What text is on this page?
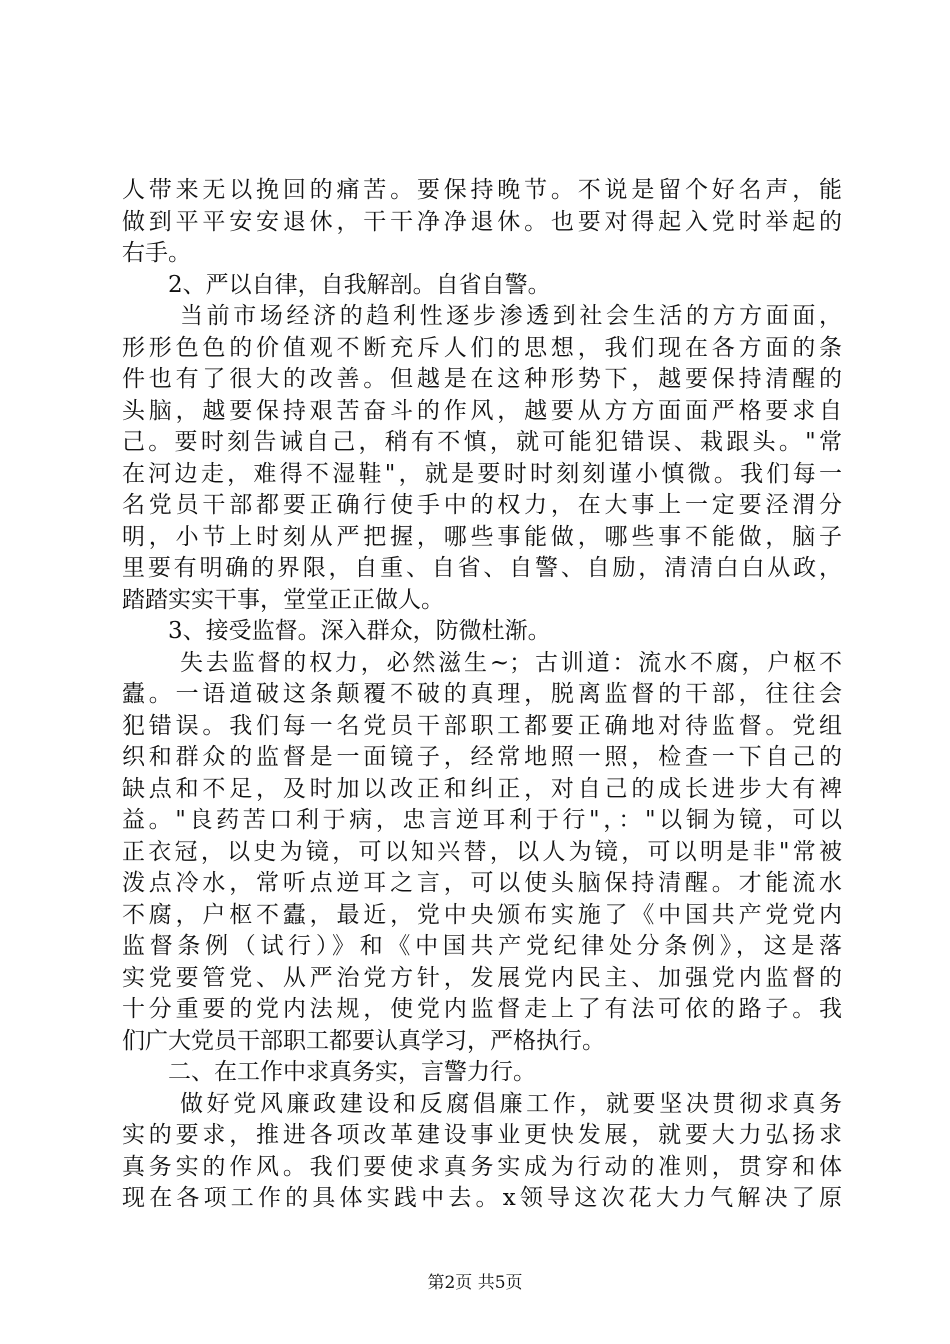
人带来无以挽回的痛苦。要保持晚节。不说是留个好名声，能
做到平平安安退休，干干净净退休。也要对得起入党时举起的
右手。
2、严以自律，自我解剖。自省自警。
当前市场经济的趋利性逐步渗透到社会生活的方方面面，
形形色色的价值观不断充斥人们的思想，我们现在各方面的条
件也有了很大的改善。但越是在这种形势下，越要保持清醒的
头脑，越要保持艰苦奋斗的作风，越要从方方面面严格要求自
己。要时刻告诫自己，稍有不慎，就可能犯错误、栽跟头。"常
在河边走，难得不湿鞋"，就是要时时刻刻谨小慎微。我们每一
名党员干部都要正确行使手中的权力，在大事上一定要泾渭分
明，小节上时刻从严把握，哪些事能做，哪些事不能做，脑子
里要有明确的界限，自重、自省、自警、自励，清清白白从政，
踏踏实实干事，堂堂正正做人。
3、接受监督。深入群众，防微杜渐。
失去监督的权力，必然滋生~；古训道：流水不腐，户枢不
蠹。一语道破这条颠覆不破的真理，脱离监督的干部，往往会
犯错误。我们每一名党员干部职工都要正确地对待监督。党组
织和群众的监督是一面镜子，经常地照一照，检查一下自己的
缺点和不足，及时加以改正和纠正，对自己的成长进步大有裨
益。"良药苦口利于病，忠言逆耳利于行"，："以铜为镜，可以
正衣冠，以史为镜，可以知兴替，以人为镜，可以明是非"常被
泼点冷水，常听点逆耳之言，可以使头脑保持清醒。才能流水
不腐，户枢不蠹，最近，党中央颁布实施了《中国共产党党内
监督条例（试行）》和《中国共产党纪律处分条例》，这是落
实党要管党、从严治党方针，发展党内民主、加强党内监督的
十分重要的党内法规，使党内监督走上了有法可依的路子。我
们广大党员干部职工都要认真学习，严格执行。
二、在工作中求真务实，言警力行。
做好党风廉政建设和反腐倡廉工作，就要坚决贯彻求真务
实的要求，推进各项改革建设事业更快发展，就要大力弘扬求
真务实的作风。我们要使求真务实成为行动的准则，贯穿和体
现在各项工作的具体实践中去。x领导这次花大力气解决了原
第2页 共5页
